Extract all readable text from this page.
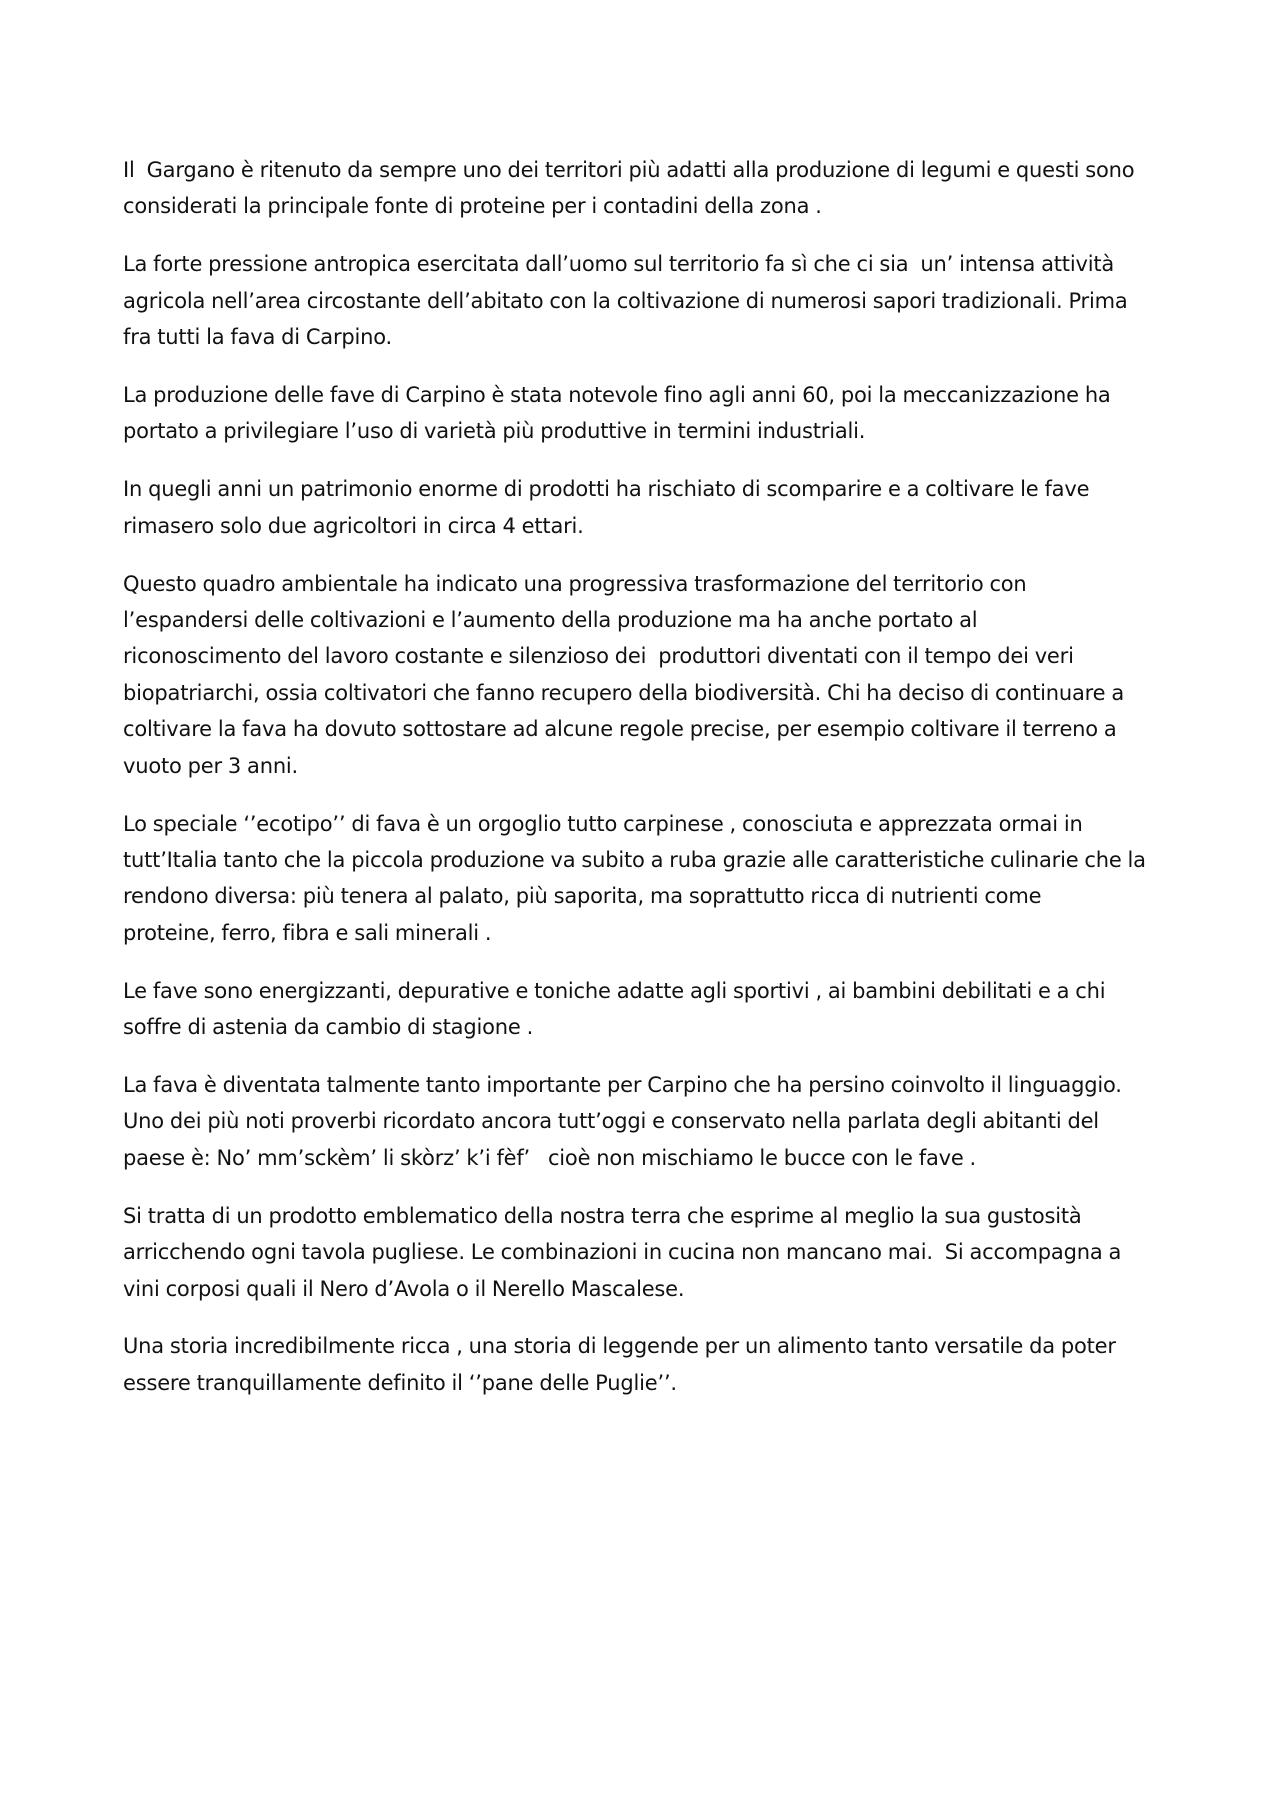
Il  Gargano è ritenuto da sempre uno dei territori più adatti alla produzione di legumi e questi sono
considerati la principale fonte di proteine per i contadini della zona .

La forte pressione antropica esercitata dall’uomo sul territorio fa sì che ci sia  un’ intensa attività
agricola nell’area circostante dell’abitato con la coltivazione di numerosi sapori tradizionali. Prima
fra tutti la fava di Carpino.

La produzione delle fave di Carpino è stata notevole fino agli anni 60, poi la meccanizzazione ha
portato a privilegiare l’uso di varietà più produttive in termini industriali.

In quegli anni un patrimonio enorme di prodotti ha rischiato di scomparire e a coltivare le fave
rimasero solo due agricoltori in circa 4 ettari.

Questo quadro ambientale ha indicato una progressiva trasformazione del territorio con
l’espandersi delle coltivazioni e l’aumento della produzione ma ha anche portato al
riconoscimento del lavoro costante e silenzioso dei  produttori diventati con il tempo dei veri
biopatriarchi, ossia coltivatori che fanno recupero della biodiversità. Chi ha deciso di continuare a
coltivare la fava ha dovuto sottostare ad alcune regole precise, per esempio coltivare il terreno a
vuoto per 3 anni.

Lo speciale ‘’ecotipo’’ di fava è un orgoglio tutto carpinese , conosciuta e apprezzata ormai in
tutt’Italia tanto che la piccola produzione va subito a ruba grazie alle caratteristiche culinarie che la
rendono diversa: più tenera al palato, più saporita, ma soprattutto ricca di nutrienti come
proteine, ferro, fibra e sali minerali .

Le fave sono energizzanti, depurative e toniche adatte agli sportivi , ai bambini debilitati e a chi
soffre di astenia da cambio di stagione .

La fava è diventata talmente tanto importante per Carpino che ha persino coinvolto il linguaggio.
Uno dei più noti proverbi ricordato ancora tutt’oggi e conservato nella parlata degli abitanti del
paese è: No’ mm’sckèm’ li skòrz’ k’i fèf’   cioè non mischiamo le bucce con le fave .

Si tratta di un prodotto emblematico della nostra terra che esprime al meglio la sua gustosità
arricchendo ogni tavola pugliese. Le combinazioni in cucina non mancano mai.  Si accompagna a
vini corposi quali il Nero d’Avola o il Nerello Mascalese.

Una storia incredibilmente ricca , una storia di leggende per un alimento tanto versatile da poter
essere tranquillamente definito il ‘’pane delle Puglie’’.
